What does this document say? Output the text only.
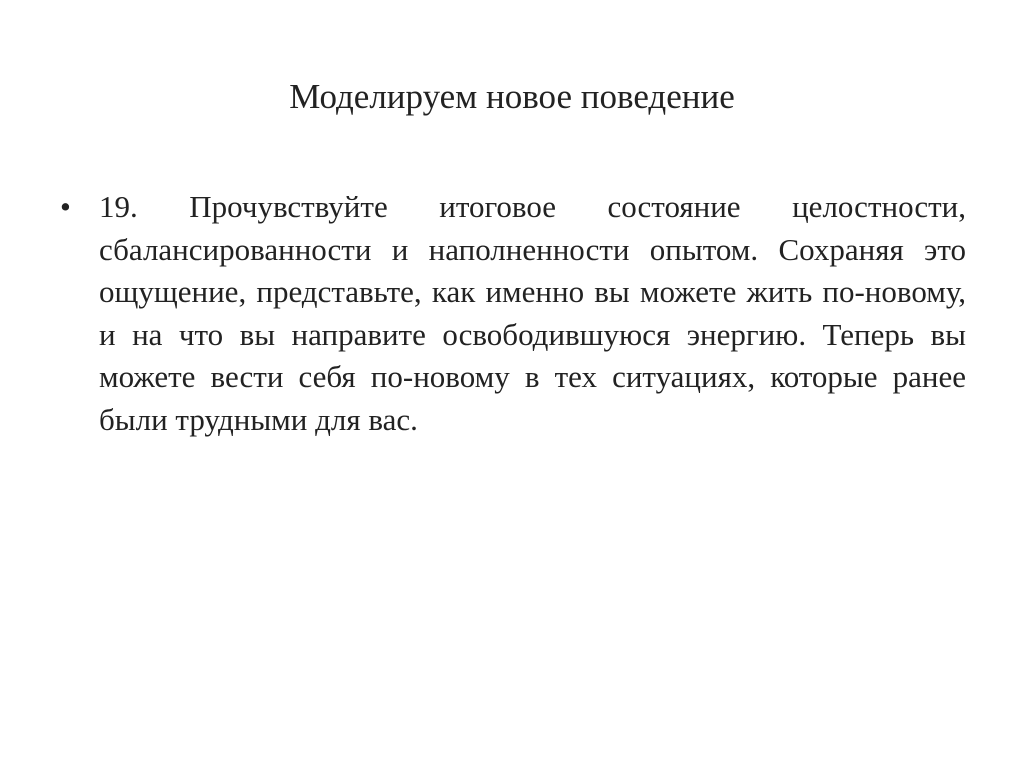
Моделируем новое поведение
• 19. Прочувствуйте итоговое состояние целостности, сбалансированности и наполненности опытом. Сохраняя это ощущение, представьте, как именно вы можете жить по-новому, и на что вы направите освободившуюся энергию. Теперь вы можете вести себя по-новому в тех ситуациях, которые ранее были трудными для вас.
